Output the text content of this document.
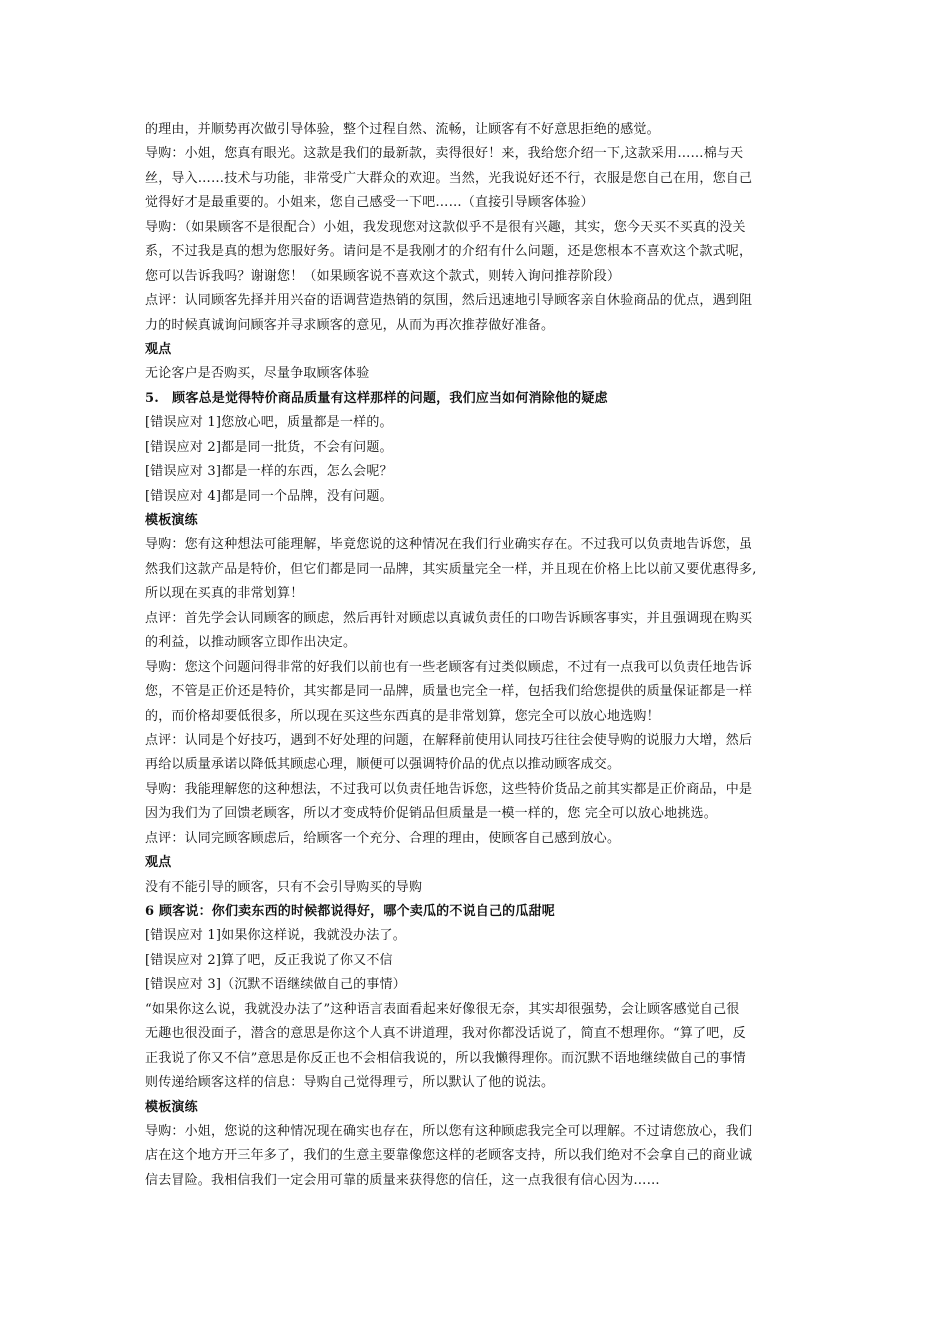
的理由，并顺势再次做引导体验，整个过程自然、流畅，让顾客有不好意思拒绝的感觉。
导购：小姐，您真有眼光。这款是我们的最新款，卖得很好！来，我给您介绍一下,这款采用……棉与天
丝，导入……技术与功能，非常受广大群众的欢迎。当然，光我说好还不行，衣服是您自己在用，您自己
觉得好才是最重要的。小姐来，您自己感受一下吧……（直接引导顾客体验）
导购：（如果顾客不是很配合）小姐，我发现您对这款似乎不是很有兴趣，其实，您今天买不买真的没关
系，不过我是真的想为您服好务。请问是不是我刚才的介绍有什么问题，还是您根本不喜欢这个款式呢，
您可以告诉我吗？谢谢您！（如果顾客说不喜欢这个款式，则转入询问推荐阶段）
点评：认同顾客先择并用兴奋的语调营造热销的氛围，然后迅速地引导顾客亲自休验商品的优点，遇到阻
力的时候真诚询问顾客并寻求顾客的意见，从而为再次推荐做好准备。
观点
无论客户是否购买，尽量争取顾客体验
5.　顾客总是觉得特价商品质量有这样那样的问题，我们应当如何消除他的疑虑
[错误应对 1]您放心吧，质量都是一样的。
[错误应对 2]都是同一批货，不会有问题。
[错误应对 3]都是一样的东西，怎么会呢？
[错误应对 4]都是同一个品牌，没有问题。
模板演练
导购：您有这种想法可能理解，毕竟您说的这种情况在我们行业确实存在。不过我可以负责地告诉您，虽
然我们这款产品是特价，但它们都是同一品牌，其实质量完全一样，并且现在价格上比以前又要优惠得多,
所以现在买真的非常划算！
点评：首先学会认同顾客的顾虑，然后再针对顾虑以真诚负责任的口吻告诉顾客事实，并且强调现在购买
的利益，以推动顾客立即作出决定。
导购：您这个问题问得非常的好我们以前也有一些老顾客有过类似顾虑，不过有一点我可以负责任地告诉
您，不管是正价还是特价，其实都是同一品牌，质量也完全一样，包括我们给您提供的质量保证都是一样
的，而价格却要低很多，所以现在买这些东西真的是非常划算，您完全可以放心地选购！
点评：认同是个好技巧，遇到不好处理的问题，在解释前使用认同技巧往往会使导购的说服力大增，然后
再给以质量承诺以降低其顾虑心理，顺便可以强调特价品的优点以推动顾客成交。
导购：我能理解您的这种想法，不过我可以负责任地告诉您，这些特价货品之前其实都是正价商品，中是
因为我们为了回馈老顾客，所以才变成特价促销品但质量是一模一样的，您 完全可以放心地挑选。
点评：认同完顾客顾虑后，给顾客一个充分、合理的理由，使顾客自己感到放心。
观点
没有不能引导的顾客，只有不会引导购买的导购
6 顾客说：你们卖东西的时候都说得好，哪个卖瓜的不说自己的瓜甜呢
[错误应对 1]如果你这样说，我就没办法了。
[错误应对 2]算了吧，反正我说了你又不信
[错误应对 3]（沉默不语继续做自己的事情）
“如果你这么说，我就没办法了”这种语言表面看起来好像很无奈，其实却很强势，会让顾客感觉自己很
无趣也很没面子，潜含的意思是你这个人真不讲道理，我对你都没话说了，简直不想理你。“算了吧，反
正我说了你又不信”意思是你反正也不会相信我说的，所以我懒得理你。而沉默不语地继续做自己的事情
则传递给顾客这样的信息：导购自己觉得理亏，所以默认了他的说法。
模板演练
导购：小姐，您说的这种情况现在确实也存在，所以您有这种顾虑我完全可以理解。不过请您放心，我们
店在这个地方开三年多了，我们的生意主要靠像您这样的老顾客支持，所以我们绝对不会拿自己的商业诚
信去冒险。我相信我们一定会用可靠的质量来获得您的信任，这一点我很有信心因为……
